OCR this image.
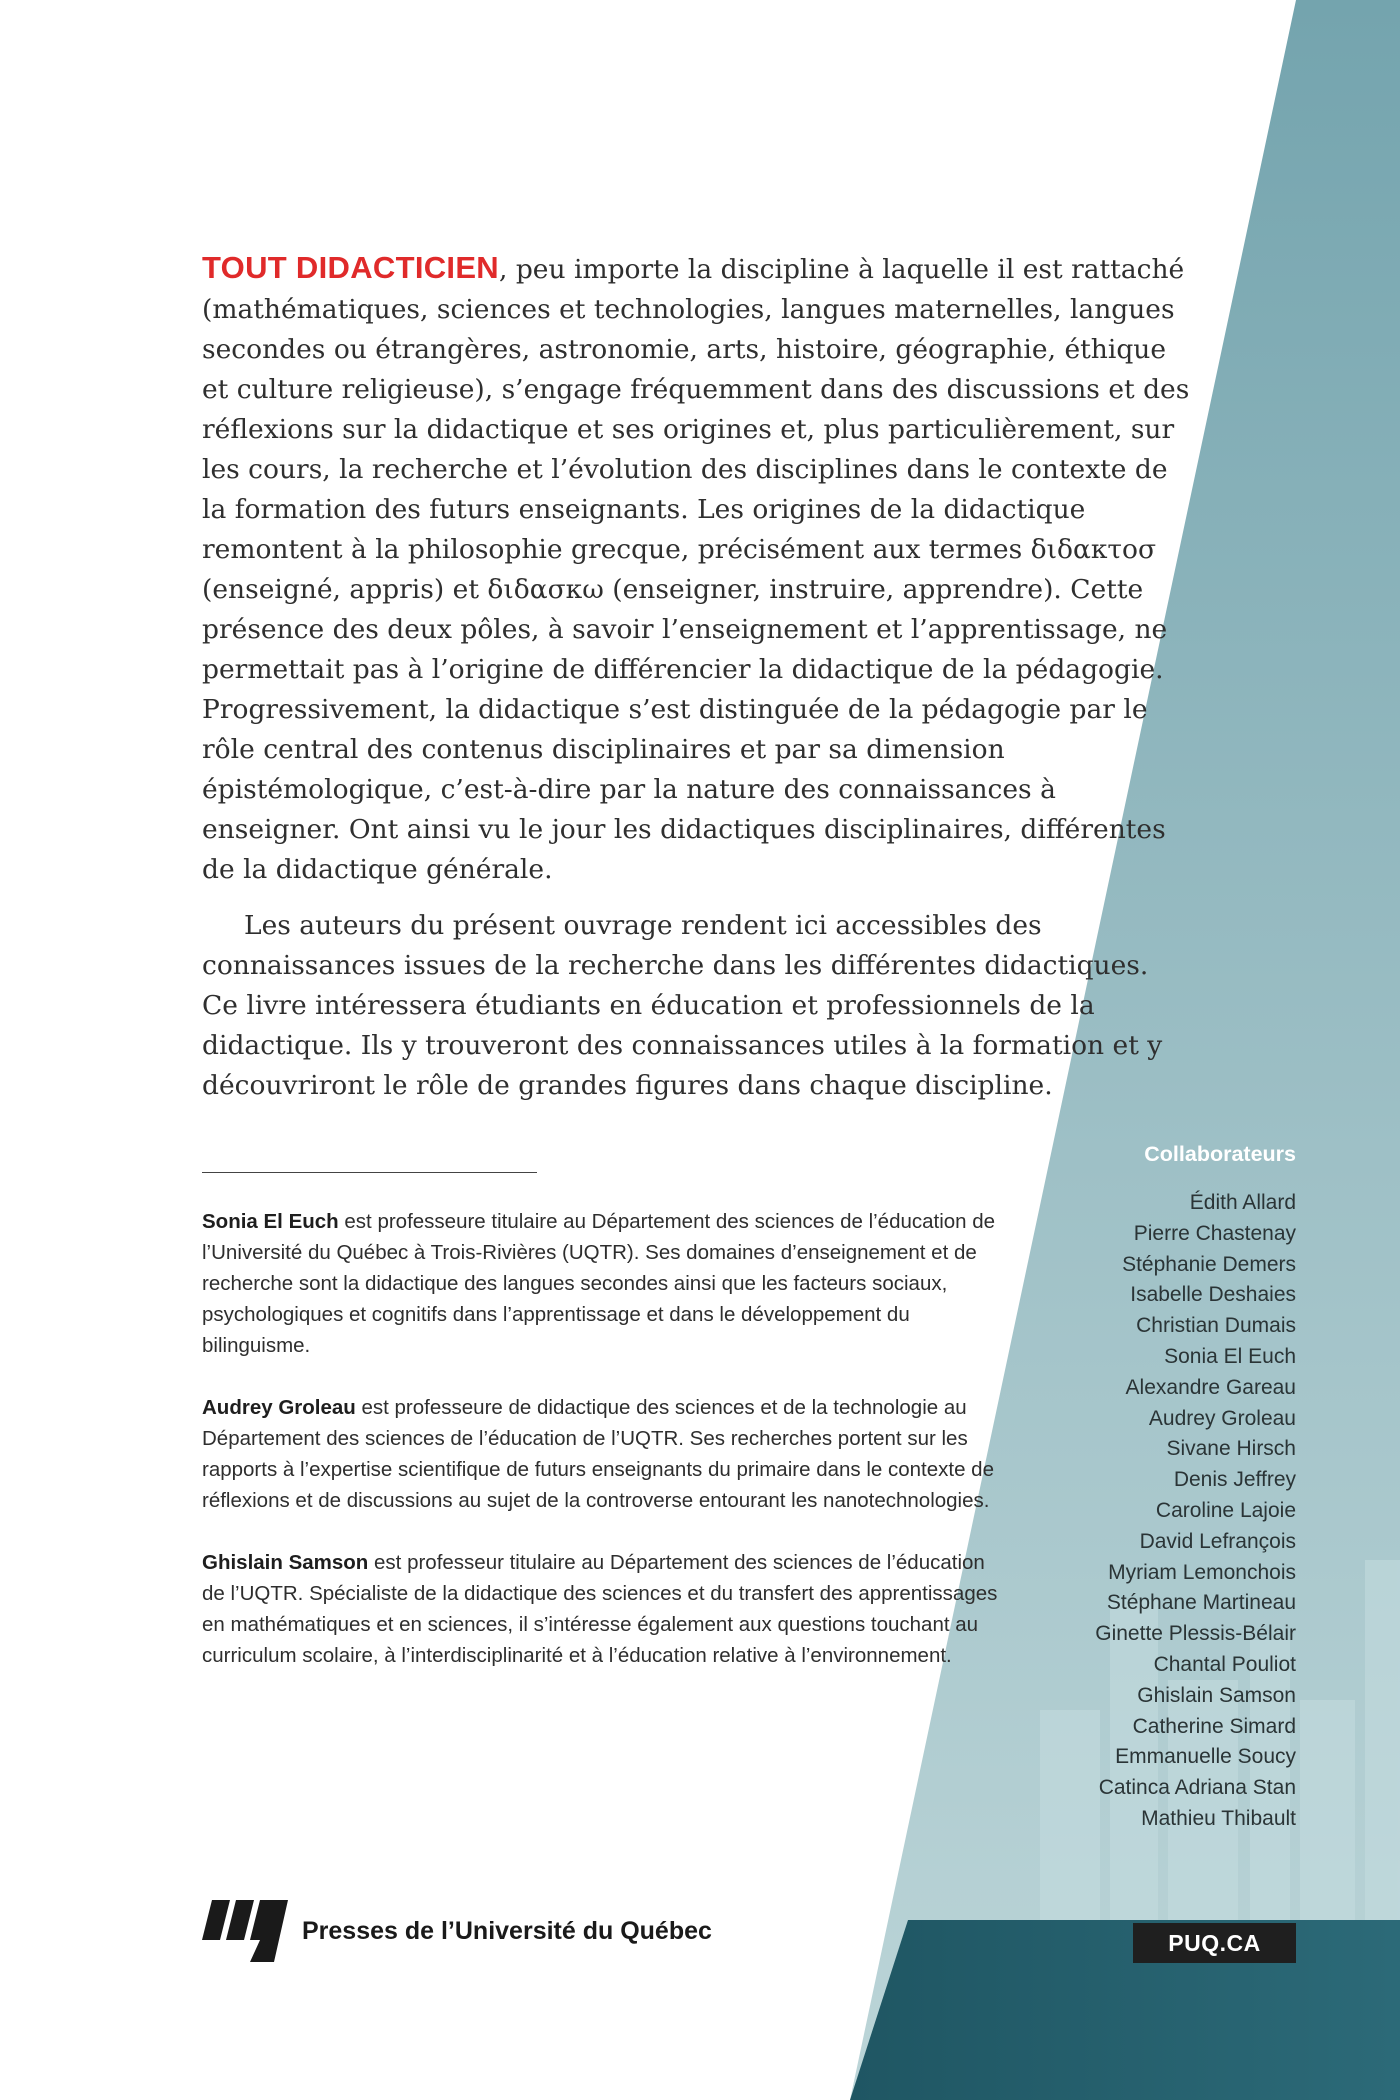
TOUT DIDACTICIEN, peu importe la discipline à laquelle il est rattaché (mathématiques, sciences et technologies, langues maternelles, langues secondes ou étrangères, astronomie, arts, histoire, géographie, éthique et culture religieuse), s’engage fréquemment dans des discussions et des réflexions sur la didactique et ses origines et, plus particulièrement, sur les cours, la recherche et l’évolution des disciplines dans le contexte de la formation des futurs enseignants. Les origines de la didactique remontent à la philosophie grecque, précisément aux termes διδακτοσ (enseigné, appris) et διδασκω (enseigner, instruire, apprendre). Cette présence des deux pôles, à savoir l’enseignement et l’apprentissage, ne permettait pas à l’origine de différencier la didactique de la pédagogie. Progressivement, la didactique s’est distinguée de la pédagogie par le rôle central des contenus disciplinaires et par sa dimension épistémologique, c’est-à-dire par la nature des connaissances à enseigner. Ont ainsi vu le jour les didactiques disciplinaires, différentes de la didactique générale.

Les auteurs du présent ouvrage rendent ici accessibles des connaissances issues de la recherche dans les différentes didactiques. Ce livre intéressera étudiants en éducation et professionnels de la didactique. Ils y trouveront des connaissances utiles à la formation et y découvriront le rôle de grandes figures dans chaque discipline.

Sonia El Euch est professeure titulaire au Département des sciences de l’éducation de l’Université du Québec à Trois-Rivières (UQTR). Ses domaines d’enseignement et de recherche sont la didactique des langues secondes ainsi que les facteurs sociaux, psychologiques et cognitifs dans l’apprentissage et dans le développement du bilinguisme.

Audrey Groleau est professeure de didactique des sciences et de la technologie au Département des sciences de l’éducation de l’UQTR. Ses recherches portent sur les rapports à l’expertise scientifique de futurs enseignants du primaire dans le contexte de réflexions et de discussions au sujet de la controverse entourant les nanotechnologies.

Ghislain Samson est professeur titulaire au Département des sciences de l’éducation de l’UQTR. Spécialiste de la didactique des sciences et du transfert des apprentissages en mathématiques et en sciences, il s’intéresse également aux questions touchant au curriculum scolaire, à l’interdisciplinarité et à l’éducation relative à l’environnement.

Collaborateurs
Édith Allard
Pierre Chastenay
Stéphanie Demers
Isabelle Deshaies
Christian Dumais
Sonia El Euch
Alexandre Gareau
Audrey Groleau
Sivane Hirsch
Denis Jeffrey
Caroline Lajoie
David Lefrançois
Myriam Lemonchois
Stéphane Martineau
Ginette Plessis-Bélair
Chantal Pouliot
Ghislain Samson
Catherine Simard
Emmanuelle Soucy
Catinca Adriana Stan
Mathieu Thibault
Presses de l’Université du Québec	PUQ.CA
